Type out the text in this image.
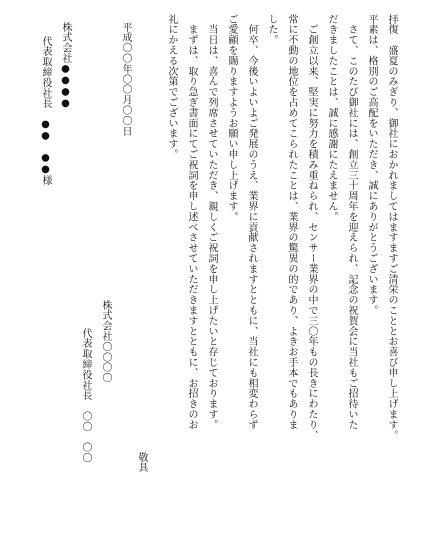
拝復　盛夏のみぎり、御社におかれましてはますますご清栄のこととお喜び申し上げます。
平素は、格別のご高配をいただき、誠にありがとうございます。
　さて、このたび御社には、創立三十周年を迎えられ、記念の祝賀会に当社もご招待いた
だきましたことは、誠に感謝にたえません。
　ご創立以来、堅実に努力を積み重ねられ、センサー業界の中で三〇年もの長きにわたり、
常に不動の地位を占めてこられたことは、業界の驚異の的であり、よきお手本でもありま
した。
　何卒、今後いよいよご発展のうえ、業界に貢献されますとともに、当社にも相変わらず
ご愛顧を賜りますようお願い申し上げます。
　当日は、喜んで列席させていただき、親しくご祝詞を申し上げたいと存じております。
　まずは、取り急ぎ書面にてご祝詞を申し述べさせていただきますとともに、お招きのお
礼にかえる次第でございます。
敬具
株式会社〇〇〇〇
代表取締役社長　〇〇　〇〇
平成〇〇年〇〇月〇〇日
株式会社●●●●
代表取締役社長　●●　●●様
